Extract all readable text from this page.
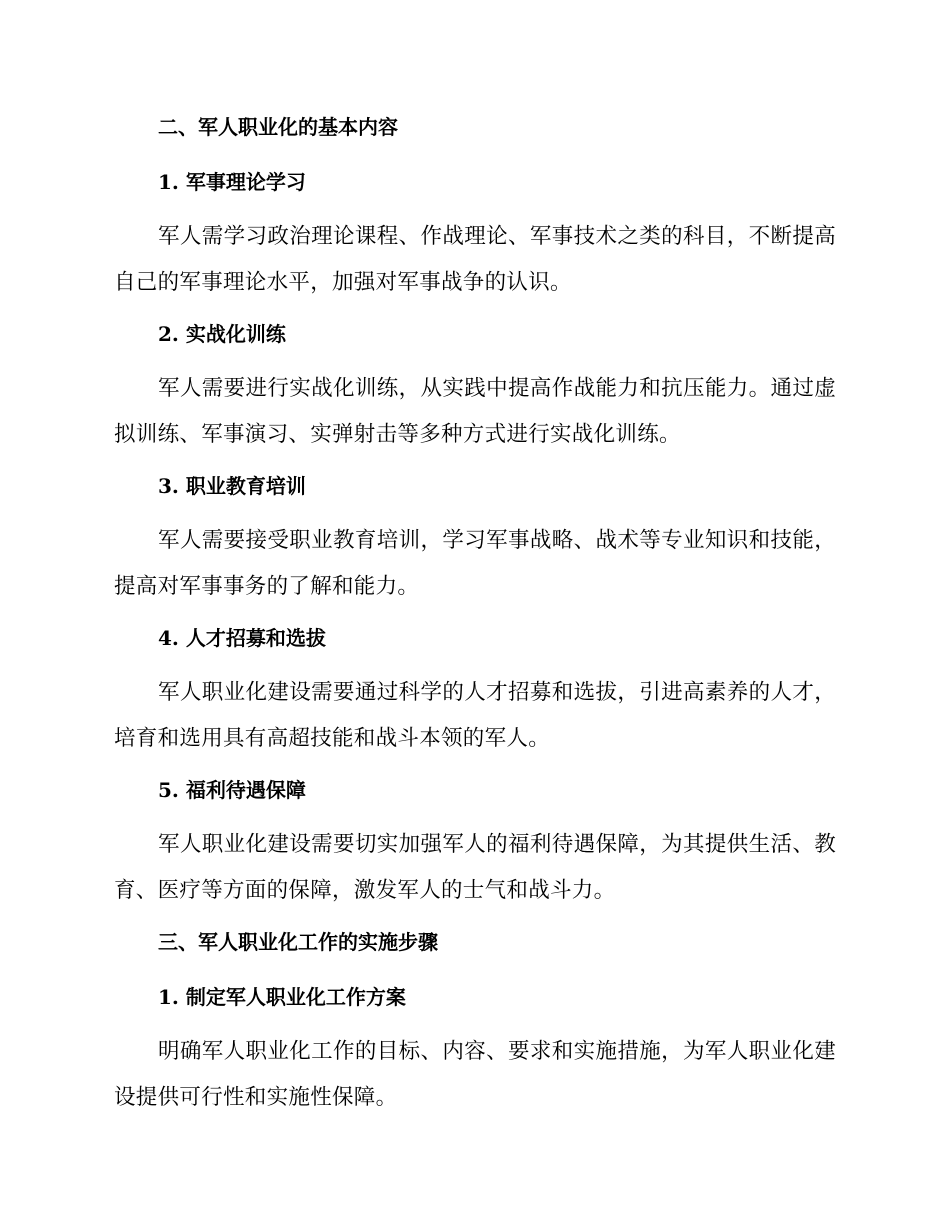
二、军人职业化的基本内容
1. 军事理论学习

军人需学习政治理论课程、作战理论、军事技术之类的科目，不断提高自己的军事理论水平，加强对军事战争的认识。

2. 实战化训练

军人需要进行实战化训练，从实践中提高作战能力和抗压能力。通过虚拟训练、军事演习、实弹射击等多种方式进行实战化训练。

3. 职业教育培训

军人需要接受职业教育培训，学习军事战略、战术等专业知识和技能，提高对军事事务的了解和能力。

4. 人才招募和选拔

军人职业化建设需要通过科学的人才招募和选拔，引进高素养的人才，培育和选用具有高超技能和战斗本领的军人。

5. 福利待遇保障

军人职业化建设需要切实加强军人的福利待遇保障，为其提供生活、教育、医疗等方面的保障，激发军人的士气和战斗力。

三、军人职业化工作的实施步骤
1. 制定军人职业化工作方案

明确军人职业化工作的目标、内容、要求和实施措施，为军人职业化建设提供可行性和实施性保障。
